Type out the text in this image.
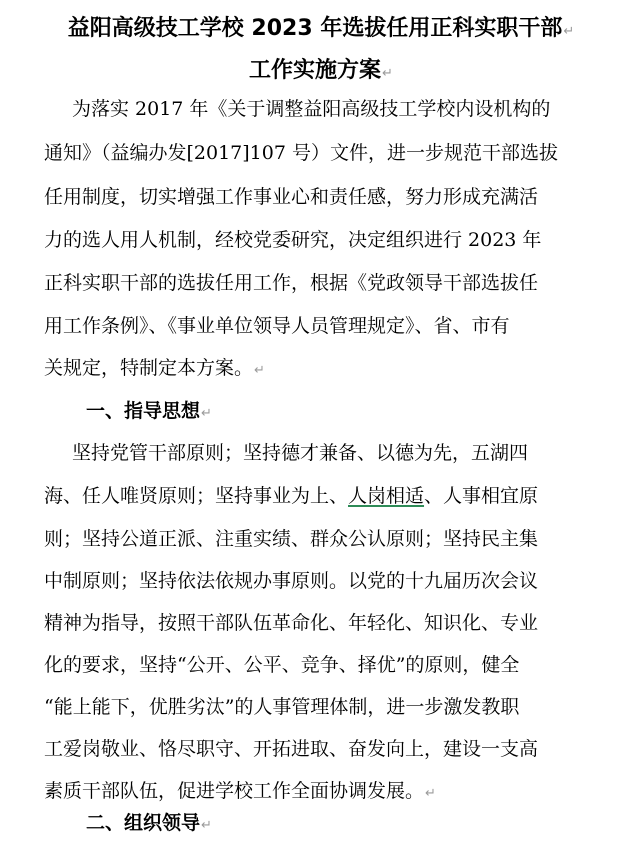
益阳高级技工学校 2023 年选拔任用正科实职干部↵
工作实施方案↵
为落实 2017 年《关于调整益阳高级技工学校内设机构的
通知》（益编办发[2017]107 号）文件，进一步规范干部选拔
任用制度，切实增强工作事业心和责任感，努力形成充满活
力的选人用人机制，经校党委研究，决定组织进行 2023 年
正科实职干部的选拔任用工作，根据《党政领导干部选拔任
用工作条例》、《事业单位领导人员管理规定》、省、市有
关规定，特制定本方案。↵
一、指导思想↵
坚持党管干部原则；坚持德才兼备、以德为先，五湖四
海、任人唯贤原则；坚持事业为上、人岗相适、人事相宜原
则；坚持公道正派、注重实绩、群众公认原则；坚持民主集
中制原则；坚持依法依规办事原则。以党的十九届历次会议
精神为指导，按照干部队伍革命化、年轻化、知识化、专业
化的要求，坚持“公开、公平、竞争、择优”的原则，健全
“能上能下，优胜劣汰”的人事管理体制，进一步激发教职
工爱岗敬业、恪尽职守、开拓进取、奋发向上，建设一支高
素质干部队伍，促进学校工作全面协调发展。↵
二、组织领导↵
